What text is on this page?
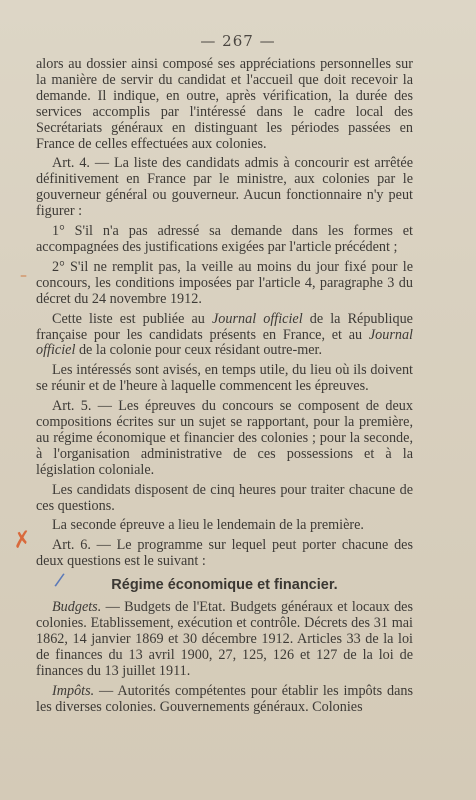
— 267 —
–
✗

alors au dossier ainsi composé ses appréciations personnelles sur la manière de servir du candidat et l'accueil que doit recevoir la demande. Il indique, en outre, après vérification, la durée des services accomplis par l'intéressé dans le cadre local des Secrétariats généraux en distinguant les périodes passées en France de celles effectuées aux colonies.

Art. 4. — La liste des candidats admis à concourir est arrêtée définitivement en France par le ministre, aux colonies par le gouverneur général ou gouverneur. Aucun fonctionnaire n'y peut figurer :

1° S'il n'a pas adressé sa demande dans les formes et accompagnées des justifications exigées par l'article précédent ;

2° S'il ne remplit pas, la veille au moins du jour fixé pour le concours, les conditions imposées par l'article 4, paragraphe 3 du décret du 24 novembre 1912.

Cette liste est publiée au Journal officiel de la République française pour les candidats présents en France, et au Journal officiel de la colonie pour ceux résidant outre-mer.

Les intéressés sont avisés, en temps utile, du lieu où ils doivent se réunir et de l'heure à laquelle commencent les épreuves.

Art. 5. — Les épreuves du concours se composent de deux compositions écrites sur un sujet se rapportant, pour la première, au régime économique et financier des colonies ; pour la seconde, à l'organisation administrative de ces possessions et à la législation coloniale.

Les candidats disposent de cinq heures pour traiter chacune de ces questions.

La seconde épreuve a lieu le lendemain de la première.

Art. 6. — Le programme sur lequel peut porter chacune des deux questions est le suivant :

/	Régime économique et financier.

Budgets. — Budgets de l'Etat. Budgets généraux et locaux des colonies. Etablissement, exécution et contrôle. Décrets des 31 mai 1862, 14 janvier 1869 et 30 décembre 1912. Articles 33 de la loi de finances du 13 avril 1900, 27, 125, 126 et 127 de la loi de finances du 13 juillet 1911.

Impôts. — Autorités compétentes pour établir les impôts dans les diverses colonies. Gouvernements généraux. Colonies
